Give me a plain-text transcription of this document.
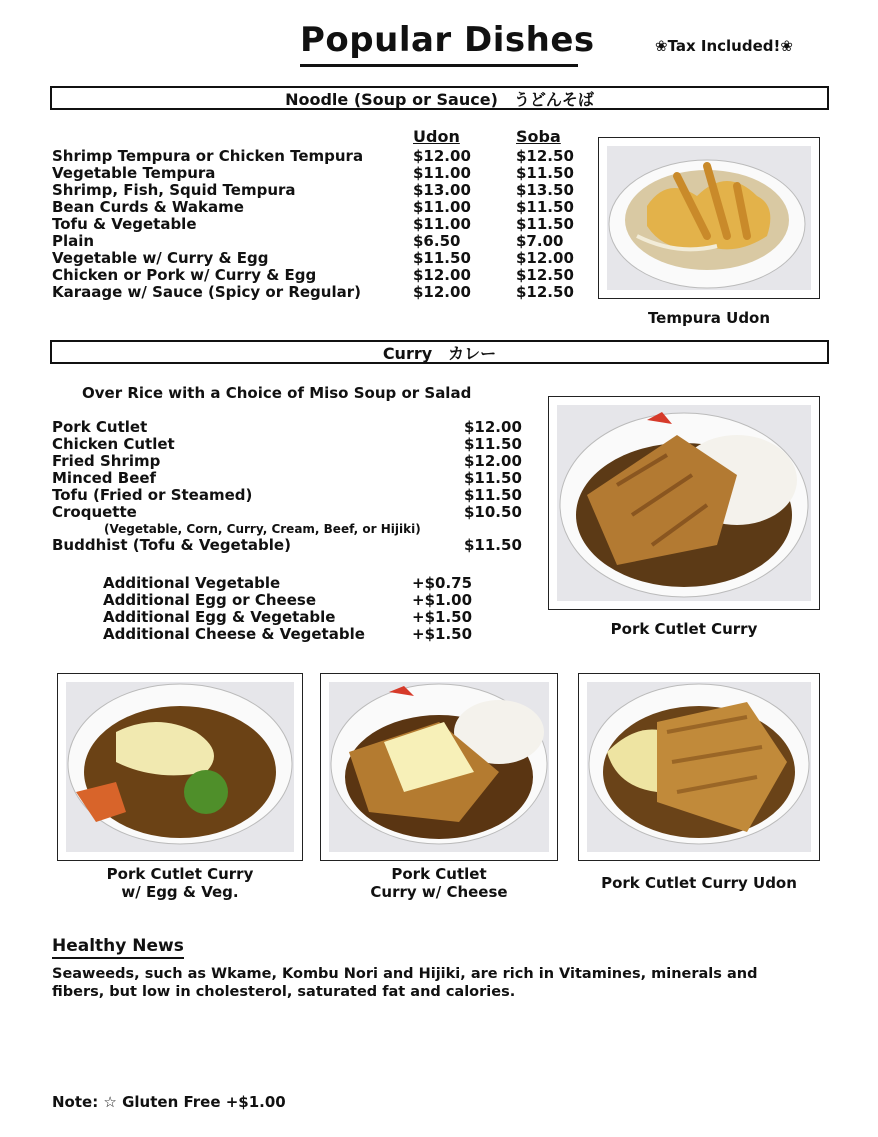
Popular Dishes	❀Tax Included!❀
Noodle (Soup or Sauce)　うどんそば
Udon	Soba
Shrimp Tempura or Chicken Tempura	$12.00	$12.50
Vegetable Tempura	$11.00	$11.50
Shrimp, Fish, Squid Tempura	$13.00	$13.50
Bean Curds & Wakame	$11.00	$11.50
Tofu & Vegetable	$11.00	$11.50
Plain	$6.50	$7.00
Vegetable w/ Curry & Egg	$11.50	$12.00
Chicken or Pork w/ Curry & Egg	$12.00	$12.50
Karaage w/ Sauce (Spicy or Regular)	$12.00	$12.50
Tempura Udon
Curry　カレー
Over Rice with a Choice of Miso Soup or Salad
Pork Cutlet	$12.00
Chicken Cutlet	$11.50
Fried Shrimp	$12.00
Minced Beef	$11.50
Tofu (Fried or Steamed)	$11.50
Croquette	$10.50
(Vegetable, Corn, Curry, Cream, Beef, or Hijiki)
Buddhist (Tofu & Vegetable)	$11.50
Additional Vegetable	+$0.75
Additional Egg or Cheese	+$1.00
Additional Egg & Vegetable	+$1.50
Additional Cheese & Vegetable	+$1.50	Pork Cutlet Curry
Pork Cutlet Curry
w/ Egg & Veg.
Pork Cutlet
Curry w/ Cheese	Pork Cutlet Curry Udon
Healthy News
Seaweeds, such as Wkame, Kombu Nori and Hijiki, are rich in Vitamines, minerals and
fibers, but low in cholesterol, saturated fat and calories.
Note: ☆ Gluten Free +$1.00
